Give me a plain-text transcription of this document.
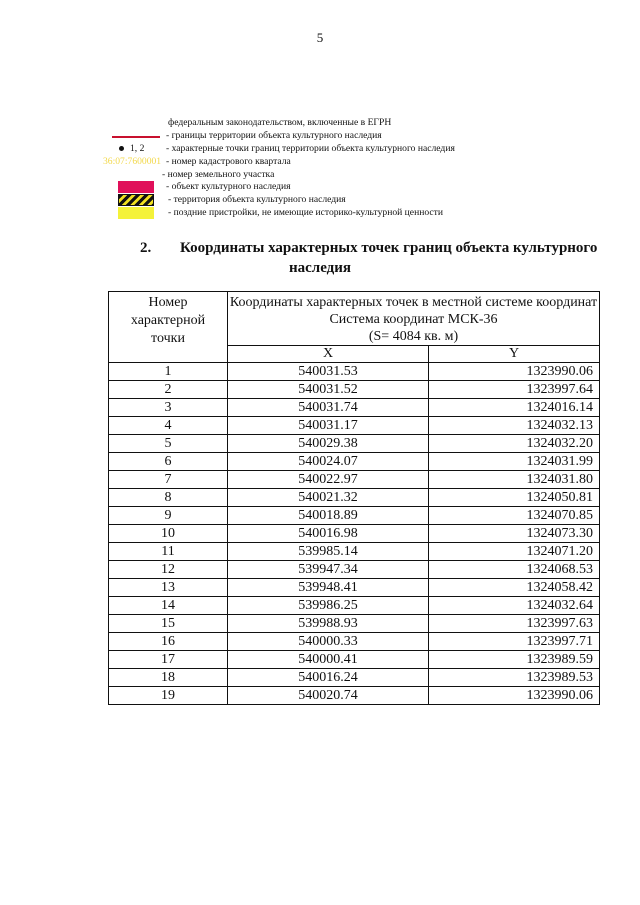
5
федеральным законодательством, включенные в ЕГРН
- границы территории объекта культурного наследия
1, 2 - характерные точки границ территории объекта культурного наследия
36:07:7600001 - номер кадастрового квартала
- номер земельного участка
- объект культурного наследия
- территория объекта культурного наследия
- поздние пристройки, не имеющие историко-культурной ценности
2. Координаты характерных точек границ объекта культурного
наследия
Номер характерной точки	Координаты характерных точек в местной системе координат
Система координат МСК-36
(S= 4084 кв. м)	

	X	Y
1	540031.53	1323990.06
2	540031.52	1323997.64
3	540031.74	1324016.14
4	540031.17	1324032.13
5	540029.38	1324032.20
6	540024.07	1324031.99
7	540022.97	1324031.80
8	540021.32	1324050.81
9	540018.89	1324070.85
10	540016.98	1324073.30
11	539985.14	1324071.20
12	539947.34	1324068.53
13	539948.41	1324058.42
14	539986.25	1324032.64
15	539988.93	1323997.63
16	540000.33	1323997.71
17	540000.41	1323989.59
18	540016.24	1323989.53
19	540020.74	1323990.06
